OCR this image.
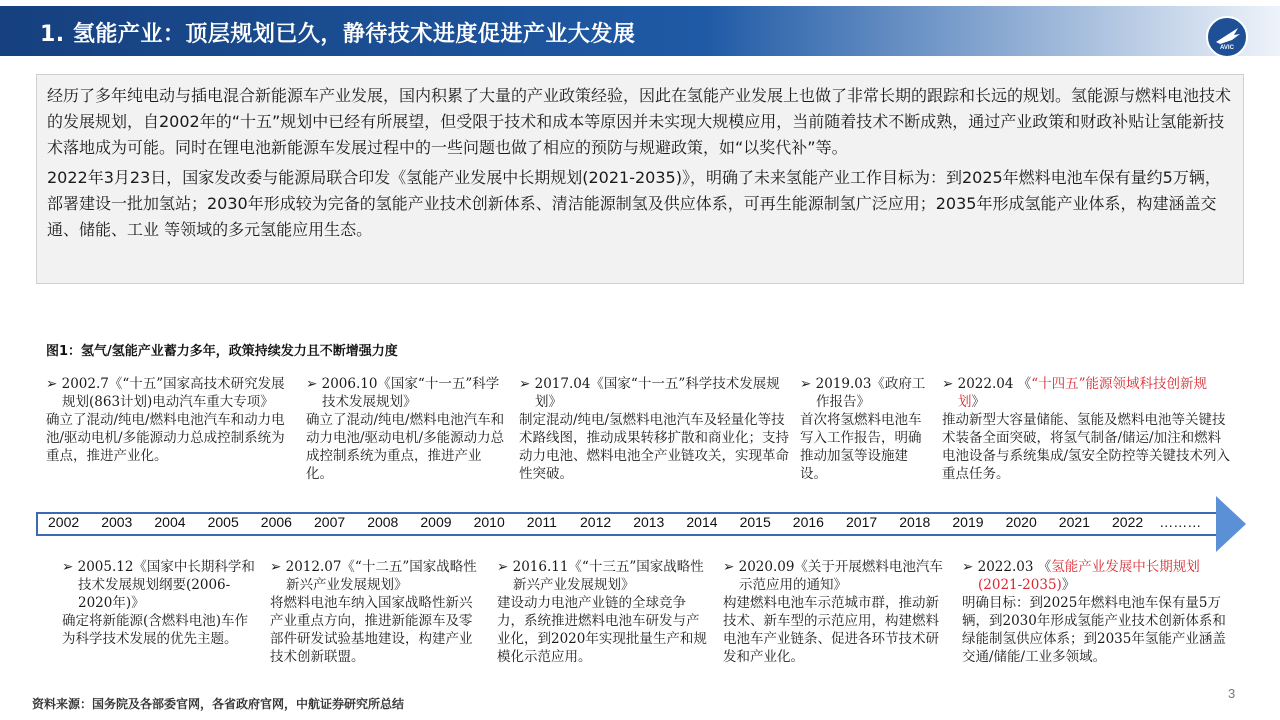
1. 氢能产业：顶层规划已久，静待技术进度促进产业大发展
AVIC

经历了多年纯电动与插电混合新能源车产业发展，国内积累了大量的产业政策经验，因此在氢能产业发展上也做了非常长期的跟踪和长远的规划。氢能源与燃料电池技术的发展规划，自2002年的“十五”规划中已经有所展望，但受限于技术和成本等原因并未实现大规模应用，当前随着技术不断成熟，通过产业政策和财政补贴让氢能新技术落地成为可能。同时在锂电池新能源车发展过程中的一些问题也做了相应的预防与规避政策，如“以奖代补”等。

2022年3月23日，国家发改委与能源局联合印发《氢能产业发展中长期规划(2021-2035)》，明确了未来氢能产业工作目标为：到2025年燃料电池车保有量约5万辆，部署建设一批加氢站；2030年形成较为完备的氢能产业技术创新体系、清洁能源制氢及供应体系，可再生能源制氢广泛应用；2035年形成氢能产业体系，构建涵盖交通、储能、工业 等领域的多元氢能应用生态。

图1：氢气/氢能产业蓄力多年，政策持续发力且不断增强力度
➢ 2002.7《“十五”国家高技术研究发展规划(863计划)电动汽车重大专项》
确立了混动/纯电/燃料电池汽车和动力电池/驱动电机/多能源动力总成控制系统为重点，推进产业化。
➢ 2006.10《国家“十一五”科学技术发展规划》
确立了混动/纯电/燃料电池汽车和动力电池/驱动电机/多能源动力总成控制系统为重点，推进产业化。
➢ 2017.04《国家“十一五”科学技术发展规划》
制定混动/纯电/氢燃料电池汽车及轻量化等技术路线图，推动成果转移扩散和商业化；支持动力电池、燃料电池全产业链攻关，实现革命性突破。
➢ 2019.03《政府工作报告》
首次将氢燃料电池车写入工作报告，明确推动加氢等设施建设。
➢ 2022.04 《“十四五”能源领域科技创新规划》
推动新型大容量储能、氢能及燃料电池等关键技术装备全面突破，将氢气制备/储运/加注和燃料电池设备与系统集成/氢安全防控等关键技术列入重点任务。
2002 2003 2004 2005 2006 2007 2008 2009 2010 2011 2012 2013 2014 2015 2016 2017 2018 2019 2020 2021 2022 ………
➢ 2005.12《国家中长期科学和技术发展规划纲要(2006-2020年)》
确定将新能源(含燃料电池)车作为科学技术发展的优先主题。
➢ 2012.07《“十二五”国家战略性新兴产业发展规划》
将燃料电池车纳入国家战略性新兴产业重点方向，推进新能源车及零部件研发试验基地建设，构建产业技术创新联盟。
➢ 2016.11《“十三五”国家战略性新兴产业发展规划》
建设动力电池产业链的全球竞争力，系统推进燃料电池车研发与产业化，到2020年实现批量生产和规模化示范应用。
➢ 2020.09《关于开展燃料电池汽车示范应用的通知》
构建燃料电池车示范城市群，推动新技术、新车型的示范应用，构建燃料电池车产业链条、促进各环节技术研发和产业化。
➢ 2022.03 《氢能产业发展中长期规划(2021-2035)》
明确目标：到2025年燃料电池车保有量5万辆，到2030年形成氢能产业技术创新体系和绿能制氢供应体系；到2035年氢能产业涵盖交通/储能/工业多领域。
资料来源：国务院及各部委官网，各省政府官网，中航证券研究所总结
3
